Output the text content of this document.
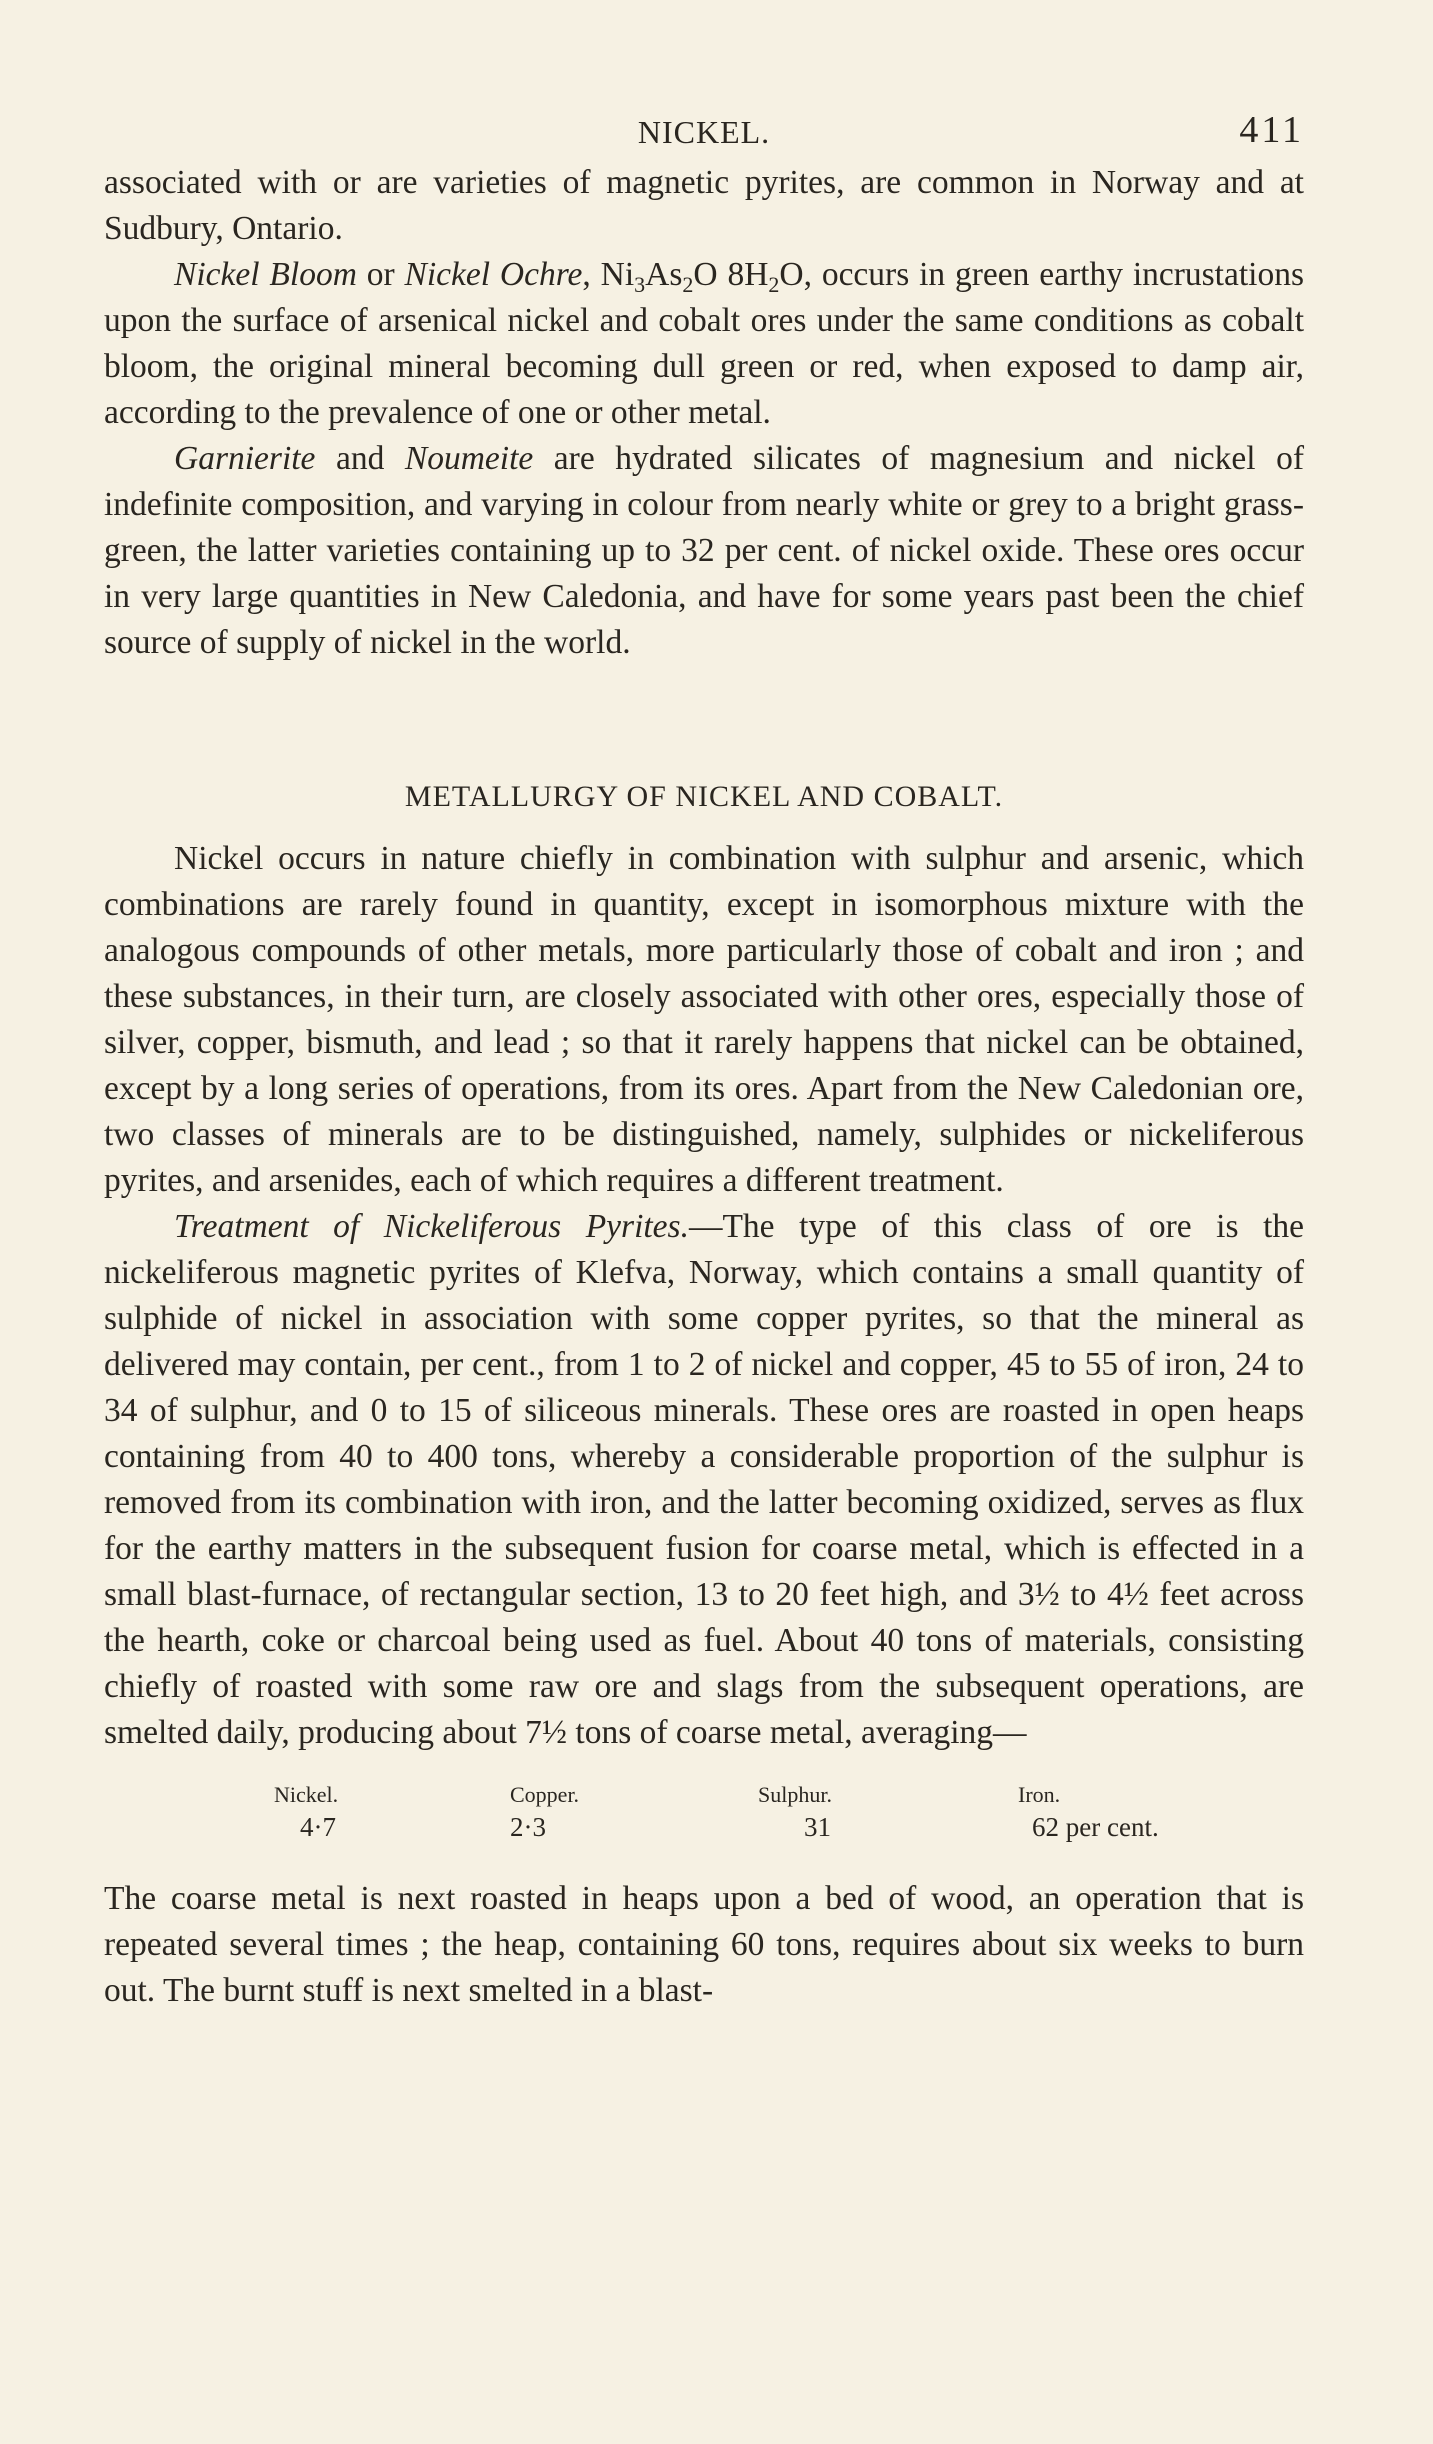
NICKEL.	411

associated with or are varieties of magnetic pyrites, are common in Norway and at Sudbury, Ontario.

Nickel Bloom or Nickel Ochre, $Ni_3As_2O$ $8H_2O$, occurs in green earthy incrustations upon the surface of arsenical nickel and cobalt ores under the same conditions as cobalt bloom, the original mineral becoming dull green or red, when exposed to damp air, according to the prevalence of one or other metal.

Garnierite and Noumeite are hydrated silicates of magnesium and nickel of indefinite composition, and varying in colour from nearly white or grey to a bright grass-green, the latter varieties containing up to 32 per cent. of nickel oxide. These ores occur in very large quantities in New Caledonia, and have for some years past been the chief source of supply of nickel in the world.

METALLURGY OF NICKEL AND COBALT.

Nickel occurs in nature chiefly in combination with sulphur and arsenic, which combinations are rarely found in quantity, except in isomorphous mixture with the analogous compounds of other metals, more particularly those of cobalt and iron ; and these substances, in their turn, are closely associated with other ores, especially those of silver, copper, bismuth, and lead ; so that it rarely happens that nickel can be obtained, except by a long series of operations, from its ores. Apart from the New Caledonian ore, two classes of minerals are to be distinguished, namely, sulphides or nickeliferous pyrites, and arsenides, each of which requires a different treatment.

Treatment of Nickeliferous Pyrites.—The type of this class of ore is the nickeliferous magnetic pyrites of Klefva, Norway, which contains a small quantity of sulphide of nickel in association with some copper pyrites, so that the mineral as delivered may contain, per cent., from 1 to 2 of nickel and copper, 45 to 55 of iron, 24 to 34 of sulphur, and 0 to 15 of siliceous minerals. These ores are roasted in open heaps containing from 40 to 400 tons, whereby a considerable proportion of the sulphur is removed from its combination with iron, and the latter becoming oxidized, serves as flux for the earthy matters in the subsequent fusion for coarse metal, which is effected in a small blast-furnace, of rectangular section, 13 to 20 feet high, and 3½ to 4½ feet across the hearth, coke or charcoal being used as fuel. About 40 tons of materials, consisting chiefly of roasted with some raw ore and slags from the subsequent operations, are smelted daily, producing about 7½ tons of coarse metal, averaging—

Nickel.	Copper.	Sulphur.	Iron.
4·7	2·3	31	62 per cent.

The coarse metal is next roasted in heaps upon a bed of wood, an operation that is repeated several times ; the heap, containing 60 tons, requires about six weeks to burn out. The burnt stuff is next smelted in a blast-
